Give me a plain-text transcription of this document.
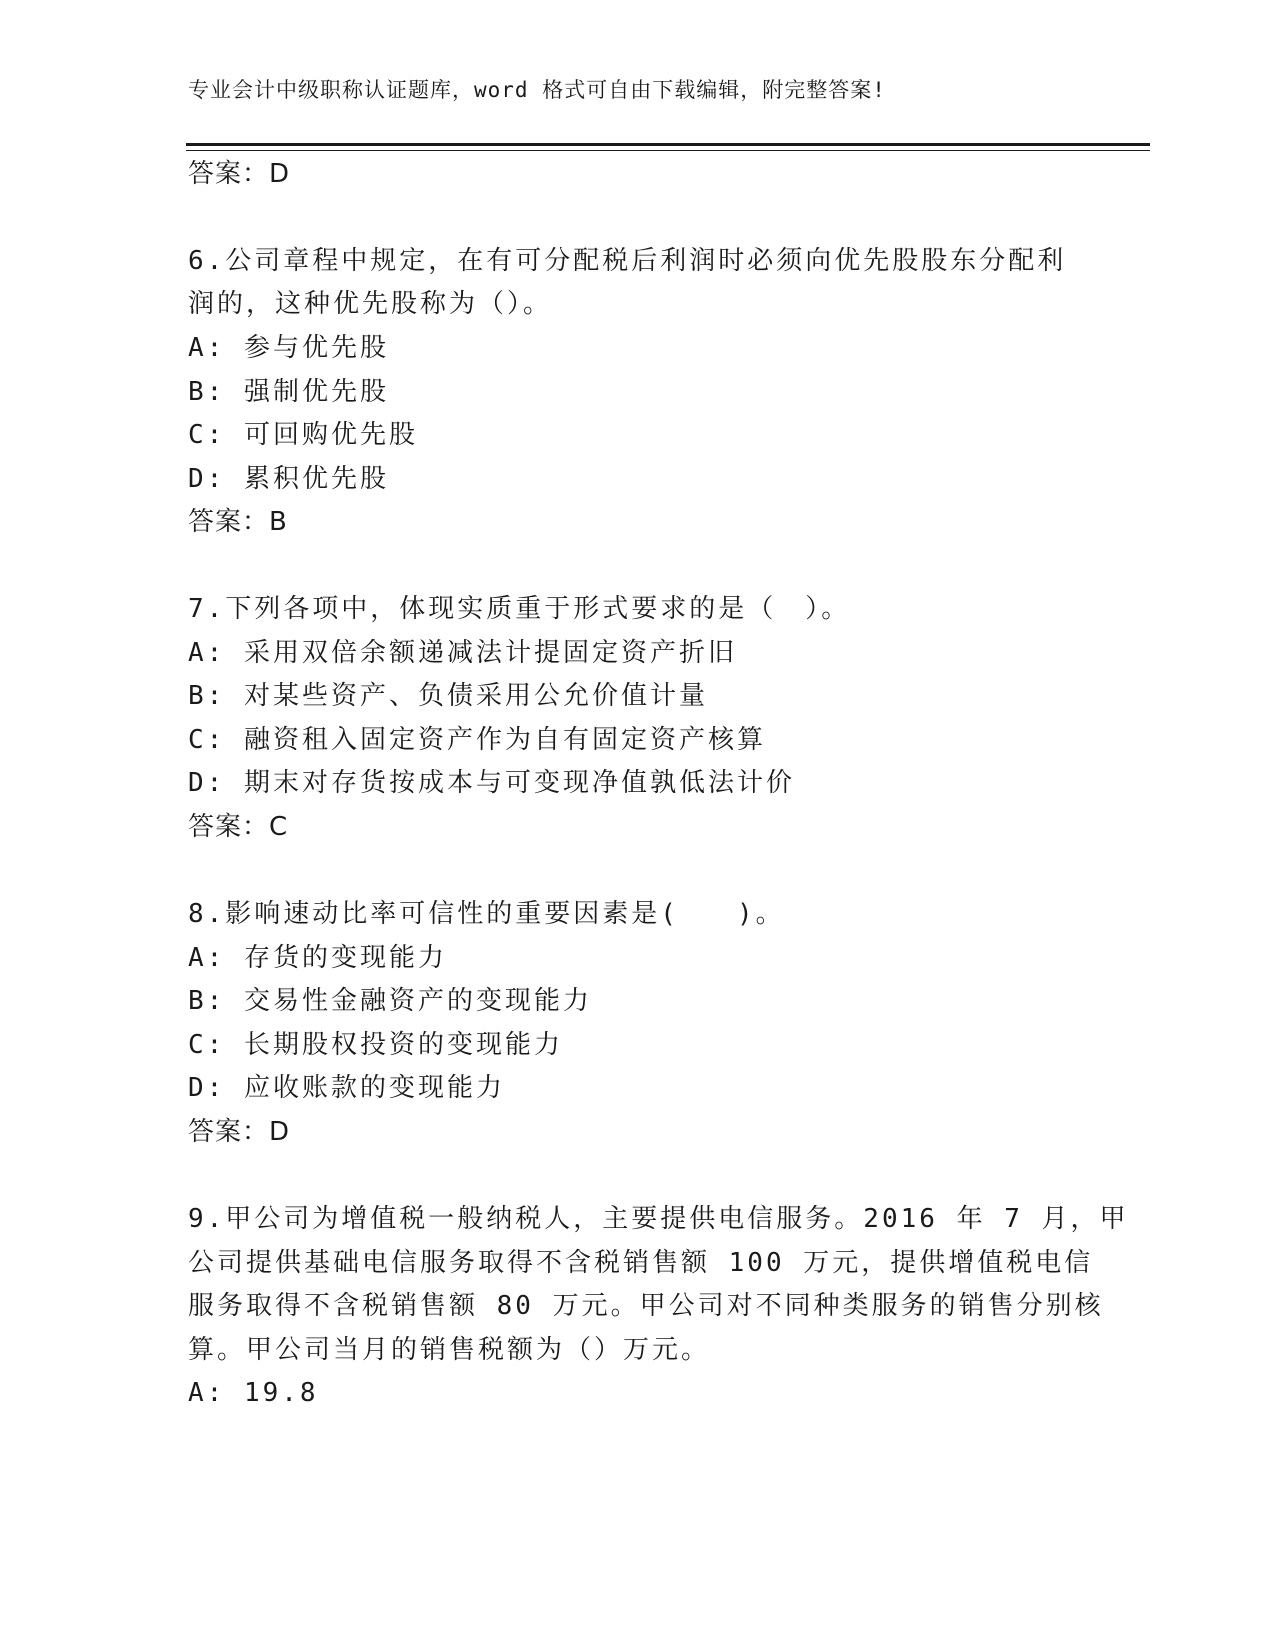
专业会计中级职称认证题库，word 格式可自由下载编辑，附完整答案!
答案：D
6.公司章程中规定，在有可分配税后利润时必须向优先股股东分配利
润的，这种优先股称为（）。
A: 参与优先股
B: 强制优先股
C: 可回购优先股
D: 累积优先股
答案：B
7.下列各项中，体现实质重于形式要求的是（　）。
A: 采用双倍余额递减法计提固定资产折旧
B: 对某些资产、负债采用公允价值计量
C: 融资租入固定资产作为自有固定资产核算
D: 期末对存货按成本与可变现净值孰低法计价
答案：C
8.影响速动比率可信性的重要因素是(　　)。
A: 存货的变现能力
B: 交易性金融资产的变现能力
C: 长期股权投资的变现能力
D: 应收账款的变现能力
答案：D
9.甲公司为增值税一般纳税人，主要提供电信服务。2016 年 7 月，甲
公司提供基础电信服务取得不含税销售额 100 万元，提供增值税电信
服务取得不含税销售额 80 万元。甲公司对不同种类服务的销售分别核
算。甲公司当月的销售税额为（）万元。
A: 19.8
